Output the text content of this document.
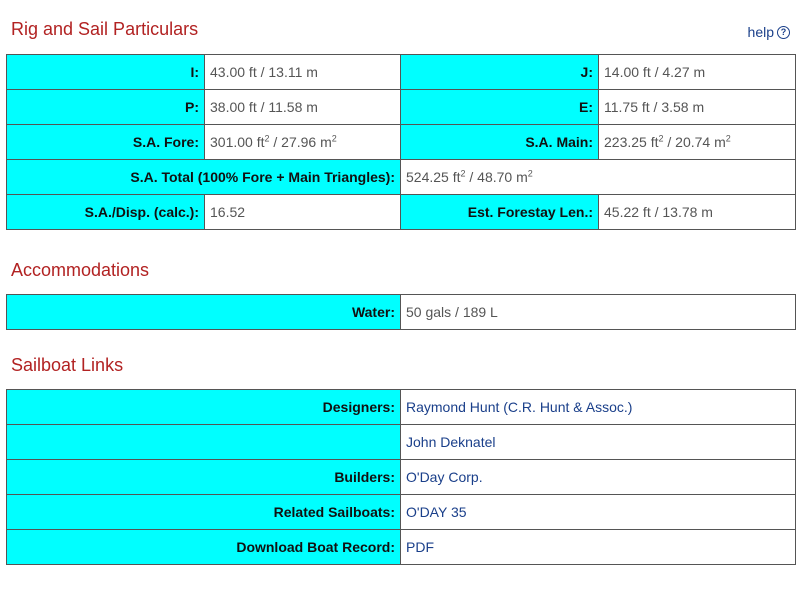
Rig and Sail Particulars	help ?
I:	43.00 ft / 13.11 m	J:	14.00 ft / 4.27 m
P:	38.00 ft / 11.58 m	E:	11.75 ft / 3.58 m
S.A. Fore:	301.00 $ft^2 / 27.96$ $m^2$	S.A. Main:	223.25 $ft^2 / 20.74$ $m^2$
S.A. Total (100% Fore + Main Triangles):		524.25 $ft^2 / 48.70$ $m^2$
S.A./Disp. (calc.):	16.52	Est. Forestay Len.:	45.22 ft / 13.78 m
Accommodations
Water:	50 gals / 189 L
Sailboat Links
Designers:	Raymond Hunt (C.R. Hunt & Assoc.)
	John Deknatel
Builders:	O'Day Corp.
Related Sailboats:	O'DAY 35
Download Boat Record:	PDF
